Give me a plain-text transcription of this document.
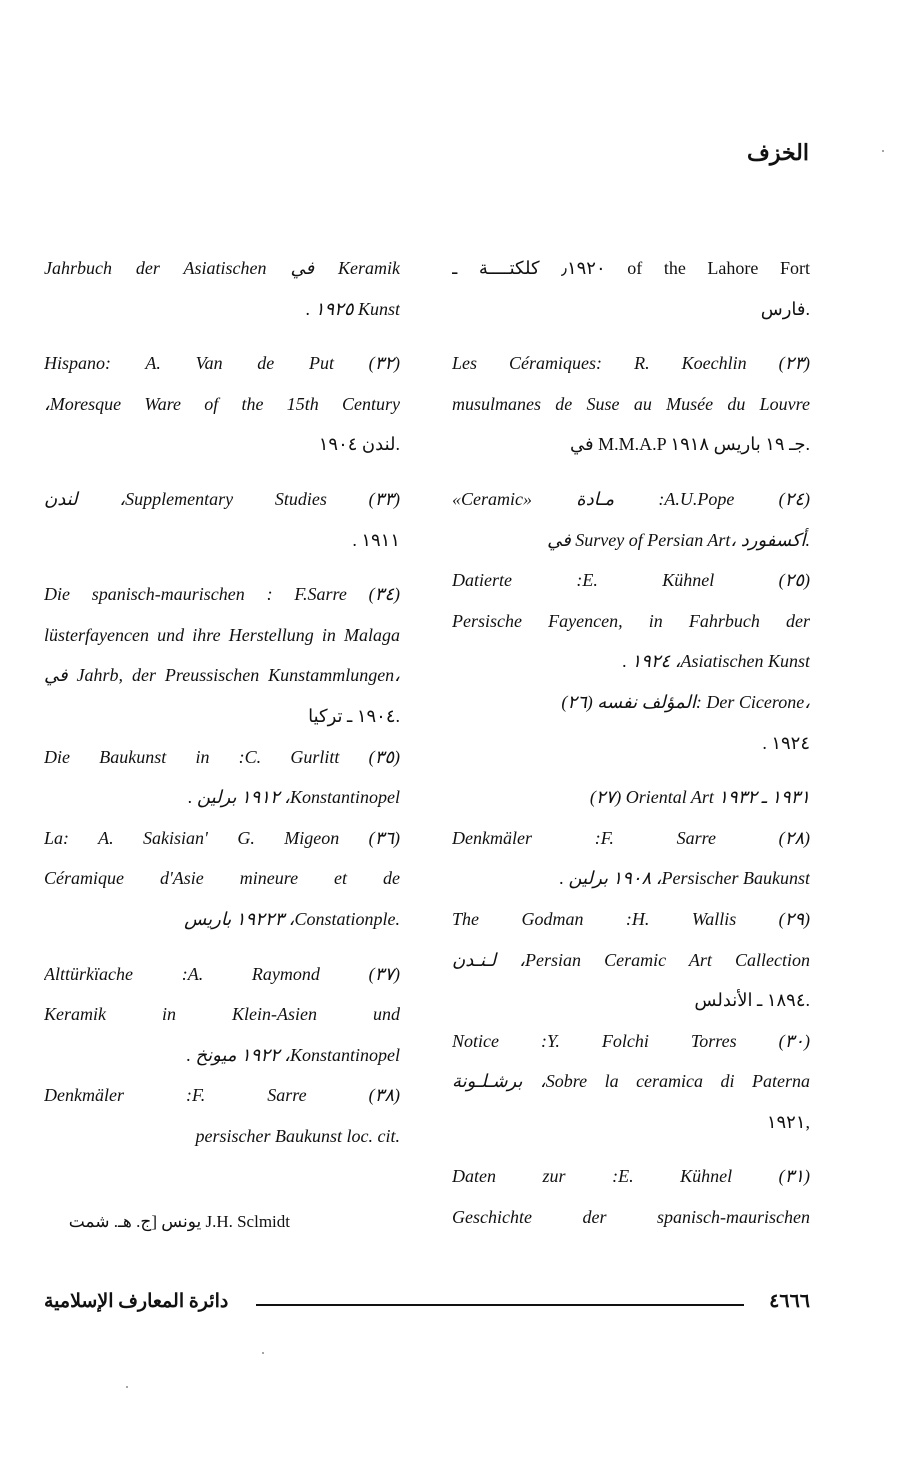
الخزف
‎٫١٩٢٠ كلكتــــة ـ of the Lahore Fort
فارس.
Les Céramiques: R. Koechlin (٢٣)
musulmanes de Suse au Musée du Louvre
في M.M.A.P جـ ١٩ باريس ١٩١٨.
«Ceramic» مـادة :A.U.Pope (٢٤)
في Survey of Persian Art، أكسفورد.
Datierte :E. Kühnel (٢٥)
Persische Fayencen, in Fahrbuch der
. ١٩٢٤ ،Asiatischen Kunst
(٢٦) المؤلف نفسه: Der Cicerone،
. ١٩٢٤
(٢٧) Oriental Art ١٩٣١ ـ ١٩٣٢
Denkmäler :F. Sarre (٢٨)
. ١٩٠٨ برلين ،Persischer Baukunst
The Godman :H. Wallis (٢٩)
لـنـدن ،Persian Ceramic Art Callection
١٨٩٤ ـ الأندلس.
Notice :Y. Folchi Torres (٣٠)
برشـلـونة ،Sobre la ceramica di Paterna
١٩٢١,
Daten zur :E. Kühnel (٣١)
Geschichte der spanisch-maurischen
Jahrbuch der Asiatischen في Keramik
. ١٩٢٥ Kunst
Hispano: A. Van de Put (٣٢)
،Moresque Ware of the 15th Century
لندن ١٩٠٤.
لندن ،Supplementary Studies (٣٣)
. ١٩١١
Die spanisch-maurischen : F.Sarre (٣٤)
lüsterfayencen und ihre Herstellung in Malaga
في Jahrb, der Preussischen Kunstammlungen،
١٩٠٤ ـ تركيا.
Die Baukunst in :C. Gurlitt (٣٥)
. ١٩١٢ برلين ،Konstantinopel
La: A. Sakisian' G. Migeon (٣٦)
Céramique d'Asie mineure et de
١٩٢٢٣ باريس ،Constationple.
Alttürkïache :A. Raymond (٣٧)
Keramik in Klein-Asien und
. ١٩٢٢ ميونخ ،Konstantinopel
Denkmäler :F. Sarre (٣٨)
persischer Baukunst loc. cit.
يونس [ج. هـ. شمت J.H. Sclmidt
دائرة المعارف الإسلامية	٤٦٦٦
